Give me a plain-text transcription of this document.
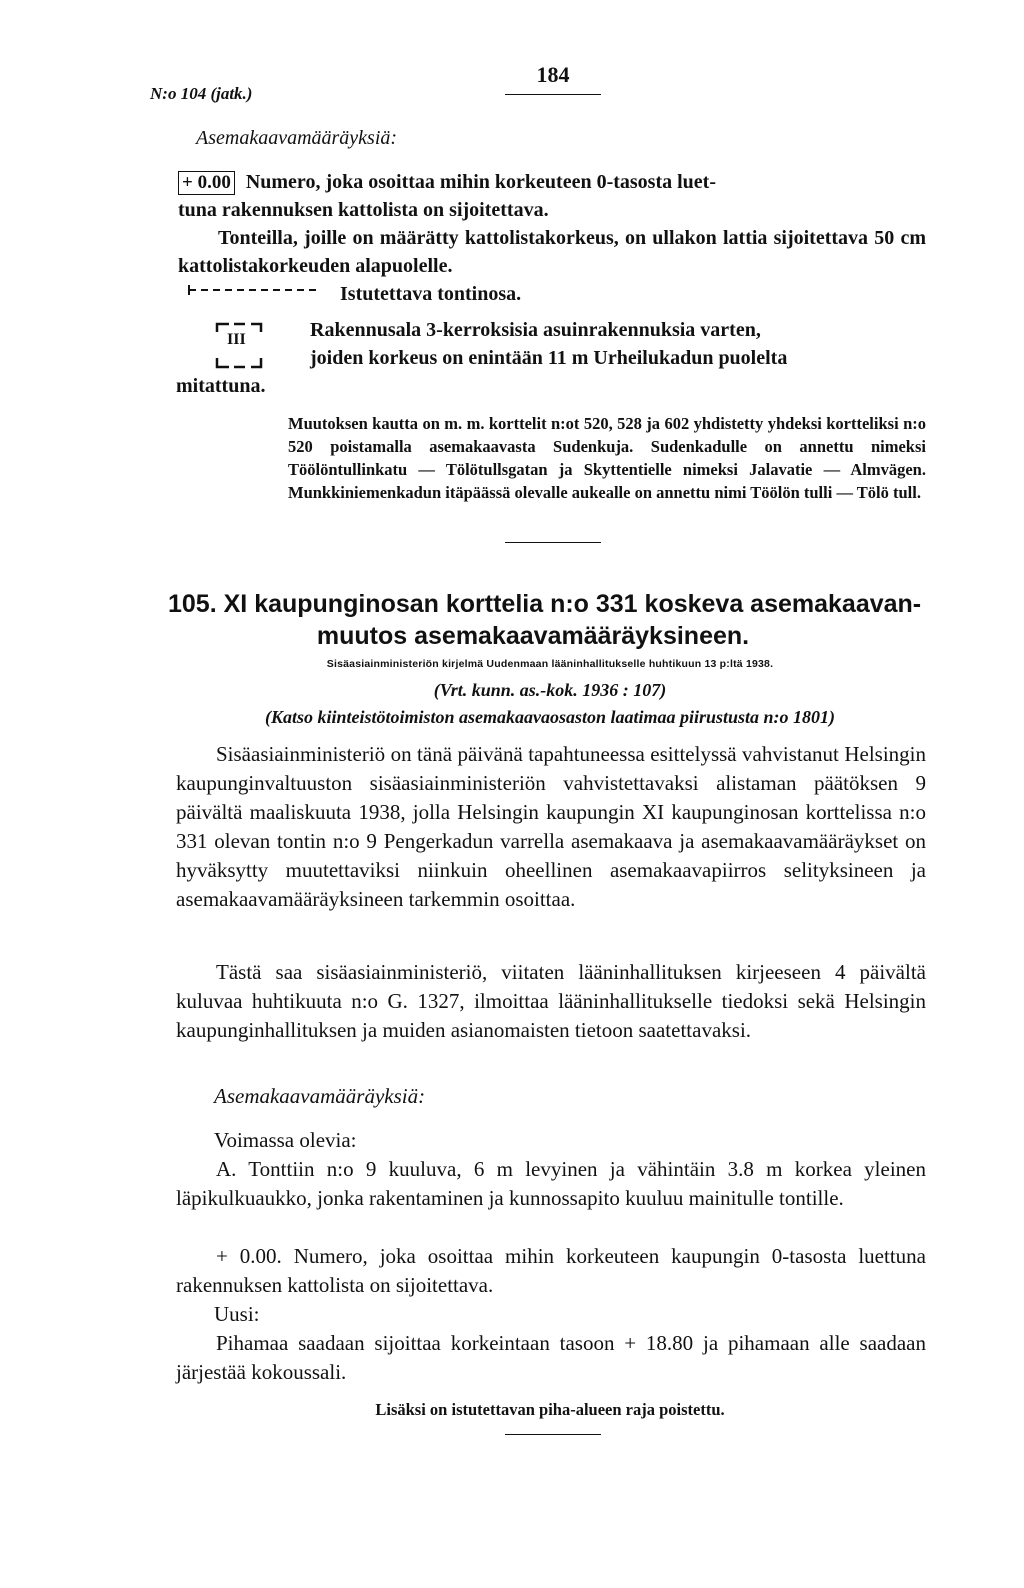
N:o 104 (jatk.)
184
Asemakaavamääräyksiä:
+ 0.00 Numero, joka osoittaa mihin korkeuteen 0-tasosta luet-
tuna rakennuksen kattolista on sijoitettava.
Tonteilla, joille on määrätty kattolistakorkeus, on ullakon lattia sijoitettava 50 cm kattolistakorkeuden alapuolelle.
Istutettava tontinosa.
III	Rakennusala 3-kerroksisia asuinrakennuksia varten,
joiden korkeus on enintään 11 m Urheilukadun puolelta
mitattuna.
Muutoksen kautta on m. m. korttelit n:ot 520, 528 ja 602 yhdistetty yhdeksi kortteliksi n:o 520 poistamalla asemakaavasta Sudenkuja. Sudenkadulle on annettu nimeksi Töölöntullinkatu — Tölötullsgatan ja Skyttentielle nimeksi Jalavatie — Almvägen. Munkkiniemenkadun itäpäässä olevalle aukealle on annettu nimi Töölön tulli — Tölö tull.
105. XI kaupunginosan korttelia n:o 331 koskeva asemakaavan-
muutos asemakaavamääräyksineen.
Sisäasiainministeriön kirjelmä Uudenmaan lääninhallitukselle huhtikuun 13 p:ltä 1938.
(Vrt. kunn. as.-kok. 1936 : 107)
(Katso kiinteistötoimiston asemakaavaosaston laatimaa piirustusta n:o 1801)
Sisäasiainministeriö on tänä päivänä tapahtuneessa esittelyssä vahvistanut Helsingin kaupunginvaltuuston sisäasiainministeriön vahvistettavaksi alistaman päätöksen 9 päivältä maaliskuuta 1938, jolla Helsingin kaupungin XI kaupunginosan korttelissa n:o 331 olevan tontin n:o 9 Pengerkadun varrella asemakaava ja asemakaavamääräykset on hyväksytty muutettaviksi niinkuin oheellinen asemakaavapiirros selityksineen ja asemakaavamääräyksineen tarkemmin osoittaa.
Tästä saa sisäasiainministeriö, viitaten lääninhallituksen kirjeeseen 4 päivältä kuluvaa huhtikuuta n:o G. 1327, ilmoittaa lääninhallitukselle tiedoksi sekä Helsingin kaupunginhallituksen ja muiden asianomaisten tietoon saatettavaksi.
Asemakaavamääräyksiä:
Voimassa olevia:
A. Tonttiin n:o 9 kuuluva, 6 m levyinen ja vähintäin 3.8 m korkea yleinen läpikulkuaukko, jonka rakentaminen ja kunnossapito kuuluu mainitulle tontille.
+ 0.00. Numero, joka osoittaa mihin korkeuteen kaupungin 0-tasosta luettuna rakennuksen kattolista on sijoitettava.
Uusi:
Pihamaa saadaan sijoittaa korkeintaan tasoon + 18.80 ja pihamaan alle saadaan järjestää kokoussali.
Lisäksi on istutettavan piha-alueen raja poistettu.
